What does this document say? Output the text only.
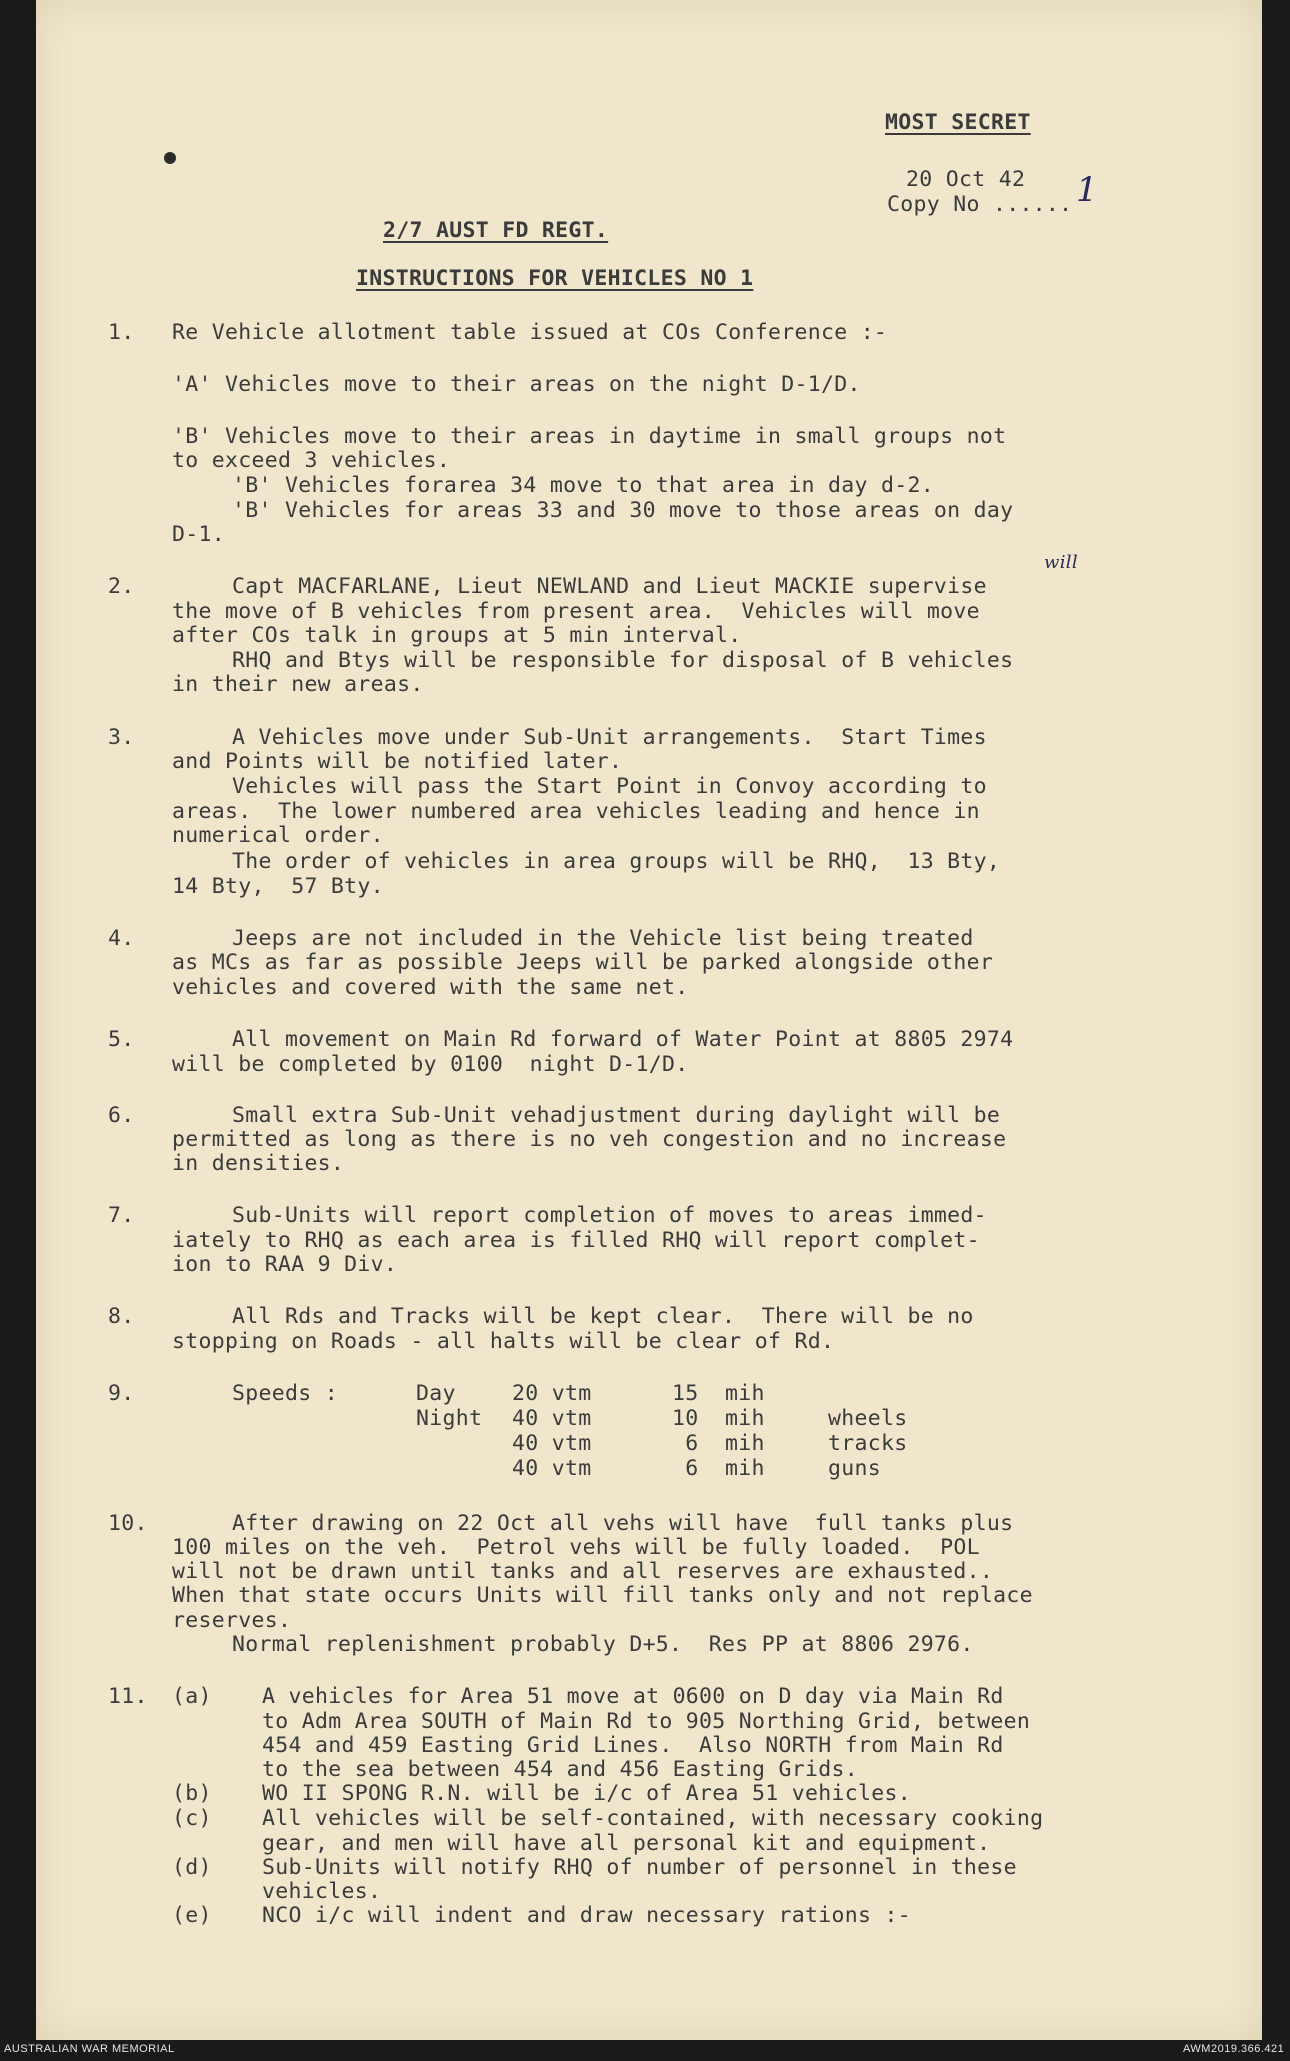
MOST SECRET
20 Oct 42
Copy No ...... 1
2/7 AUST FD REGT.
INSTRUCTIONS FOR VEHICLES NO 1
1. Re Vehicle allotment table issued at COs Conference :-
'A' Vehicles move to their areas on the night D-1/D.
'B' Vehicles move to their areas in daytime in small groups not
to exceed 3 vehicles.
'B' Vehicles forarea 34 move to that area in day d-2.
'B' Vehicles for areas 33 and 30 move to those areas on day
D-1.
2.
will
Capt MACFARLANE, Lieut NEWLAND and Lieut MACKIE supervise
the move of B vehicles from present area.  Vehicles will move
after COs talk in groups at 5 min interval.
RHQ and Btys will be responsible for disposal of B vehicles
in their new areas.
3.	A Vehicles move under Sub-Unit arrangements.  Start Times
and Points will be notified later.
Vehicles will pass the Start Point in Convoy according to
areas.  The lower numbered area vehicles leading and hence in
numerical order.
The order of vehicles in area groups will be RHQ,  13 Bty,
14 Bty,  57 Bty.
4.	Jeeps are not included in the Vehicle list being treated
as MCs as far as possible Jeeps will be parked alongside other
vehicles and covered with the same net.
5.	All movement on Main Rd forward of Water Point at 8805 2974
will be completed by 0100  night D-1/D.
6.	Small extra Sub-Unit vehadjustment during daylight will be
permitted as long as there is no veh congestion and no increase
in densities.
7.	Sub-Units will report completion of moves to areas immed-
iately to RHQ as each area is filled RHQ will report complet-
ion to RAA 9 Div.
8.	All Rds and Tracks will be kept clear.  There will be no
stopping on Roads - all halts will be clear of Rd.
9.	Speeds :	Day	20 vtm	15  mih
Night 40 vtm	10  mih	wheels
40 vtm	6  mih	tracks
40 vtm	6  mih	guns
10.	After drawing on 22 Oct all vehs will have  full tanks plus
100 miles on the veh.  Petrol vehs will be fully loaded.  POL
will not be drawn until tanks and all reserves are exhausted..
When that state occurs Units will fill tanks only and not replace
reserves.
Normal replenishment probably D+5.  Res PP at 8806 2976.
11. (a) A vehicles for Area 51 move at 0600 on D day via Main Rd
to Adm Area SOUTH of Main Rd to 905 Northing Grid, between
454 and 459 Easting Grid Lines.  Also NORTH from Main Rd
to the sea between 454 and 456 Easting Grids.
(b) WO II SPONG R.N. will be i/c of Area 51 vehicles.
(c) All vehicles will be self-contained, with necessary cooking
gear, and men will have all personal kit and equipment.
(d) Sub-Units will notify RHQ of number of personnel in these
vehicles.
(e) NCO i/c will indent and draw necessary rations :-
AUSTRALIAN WAR MEMORIAL	AWM2019.366.421
